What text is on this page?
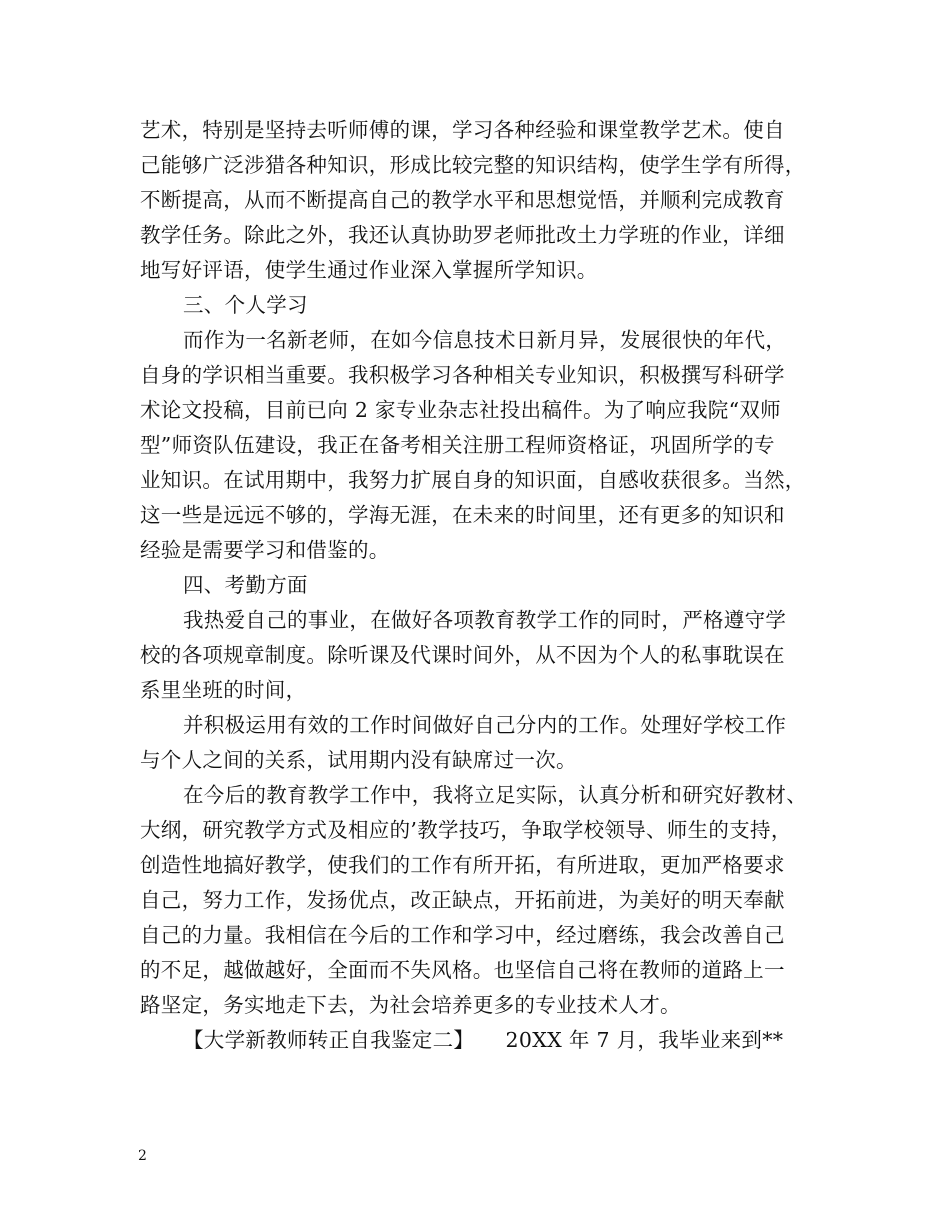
艺术，特别是坚持去听师傅的课，学习各种经验和课堂教学艺术。使自
己能够广泛涉猎各种知识，形成比较完整的知识结构，使学生学有所得，
不断提高，从而不断提高自己的教学水平和思想觉悟，并顺利完成教育
教学任务。除此之外，我还认真协助罗老师批改土力学班的作业，详细
地写好评语，使学生通过作业深入掌握所学知识。
三、个人学习
而作为一名新老师，在如今信息技术日新月异，发展很快的年代，
自身的学识相当重要。我积极学习各种相关专业知识，积极撰写科研学
术论文投稿，目前已向 2 家专业杂志社投出稿件。为了响应我院“双师
型”师资队伍建设，我正在备考相关注册工程师资格证，巩固所学的专
业知识。在试用期中，我努力扩展自身的知识面，自感收获很多。当然，
这一些是远远不够的，学海无涯，在未来的时间里，还有更多的知识和
经验是需要学习和借鉴的。
四、考勤方面
我热爱自己的事业，在做好各项教育教学工作的同时，严格遵守学
校的各项规章制度。除听课及代课时间外，从不因为个人的私事耽误在
系里坐班的时间，
并积极运用有效的工作时间做好自己分内的工作。处理好学校工作
与个人之间的关系，试用期内没有缺席过一次。
在今后的教育教学工作中，我将立足实际，认真分析和研究好教材、
大纲，研究教学方式及相应的’教学技巧，争取学校领导、师生的支持，
创造性地搞好教学，使我们的工作有所开拓，有所进取，更加严格要求
自己，努力工作，发扬优点，改正缺点，开拓前进，为美好的明天奉献
自己的力量。我相信在今后的工作和学习中，经过磨练，我会改善自己
的不足，越做越好，全面而不失风格。也坚信自己将在教师的道路上一
路坚定，务实地走下去，为社会培养更多的专业技术人才。
【大学新教师转正自我鉴定二】　　20XX 年 7 月，我毕业来到**
2
